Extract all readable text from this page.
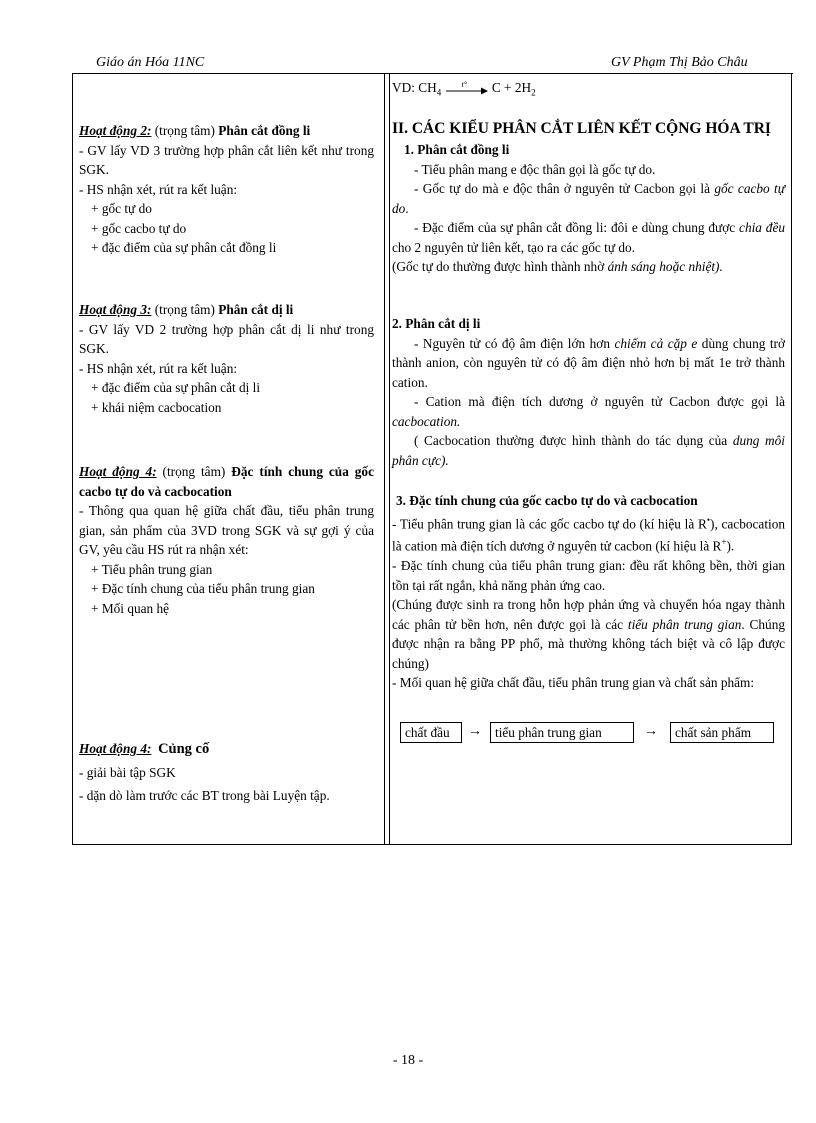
Giáo án Hóa 11NC	GV Phạm Thị Bảo Châu
Hoạt động 2: (trọng tâm) Phân cắt đồng li
- GV lấy VD 3 trường hợp phân cắt liên kết như trong SGK.
- HS nhận xét, rút ra kết luận:
+ gốc tự do
+ gốc cacbo tự do
+ đặc điểm của sự phân cắt đồng li
Hoạt động 3: (trọng tâm) Phân cắt dị li
- GV lấy VD 2 trường hợp phân cắt dị li như trong SGK.
- HS nhận xét, rút ra kết luận:
+ đặc điểm của sự phân cắt dị li
+ khái niệm cacbocation
Hoạt động 4: (trọng tâm) Đặc tính chung của gốc cacbo tự do và cacbocation
- Thông qua quan hệ giữa chất đầu, tiểu phân trung gian, sản phẩm của 3VD trong SGK và sự gợi ý của GV, yêu cầu HS rút ra nhận xét:
+ Tiểu phân trung gian
+ Đặc tính chung của tiểu phân trung gian
+ Mối quan hệ
Hoạt động 4: Củng cố
- giải bài tập SGK
- dặn dò làm trước các BT trong bài Luyện tập.
VD: $CH_4$
t° $C + 2H_2$
II. CÁC KIỂU PHÂN CẮT LIÊN KẾT CỘNG HÓA TRỊ
1. Phân cắt đồng li
- Tiểu phân mang e độc thân gọi là gốc tự do.
- Gốc tự do mà e độc thân ở nguyên tử Cacbon gọi là gốc cacbo tự do.
- Đặc điểm của sự phân cắt đồng li: đôi e dùng chung được chia đều cho 2 nguyên tử liên kết, tạo ra các gốc tự do.
(Gốc tự do thường được hình thành nhờ ánh sáng hoặc nhiệt).
2. Phân cắt dị li
- Nguyên tử có độ âm điện lớn hơn chiếm cả cặp e dùng chung trở thành anion, còn nguyên tử có độ âm điện nhỏ hơn bị mất 1e trở thành cation.
- Cation mà điện tích dương ở nguyên tử Cacbon được gọi là cacbocation.
( Cacbocation thường được hình thành do tác dụng của dung môi phân cực).
3. Đặc tính chung của gốc cacbo tự do và cacbocation
- Tiểu phân trung gian là các gốc cacbo tự do (kí hiệu là R•), cacbocation là cation mà điện tích dương ở nguyên tử cacbon (kí hiệu là R+).
- Đặc tính chung của tiểu phân trung gian: đều rất không bền, thời gian tồn tại rất ngắn, khả năng phản ứng cao.
(Chúng được sinh ra trong hỗn hợp phản ứng và chuyển hóa ngay thành các phân tử bền hơn, nên được gọi là các tiểu phân trung gian. Chúng được nhận ra bằng PP phổ, mà thường không tách biệt và cô lập được chúng)
- Mối quan hệ giữa chất đầu, tiểu phân trung gian và chất sản phẩm:
chất đầu	→ tiểu phân trung gian	→	chất sản phẩm
- 18 -
